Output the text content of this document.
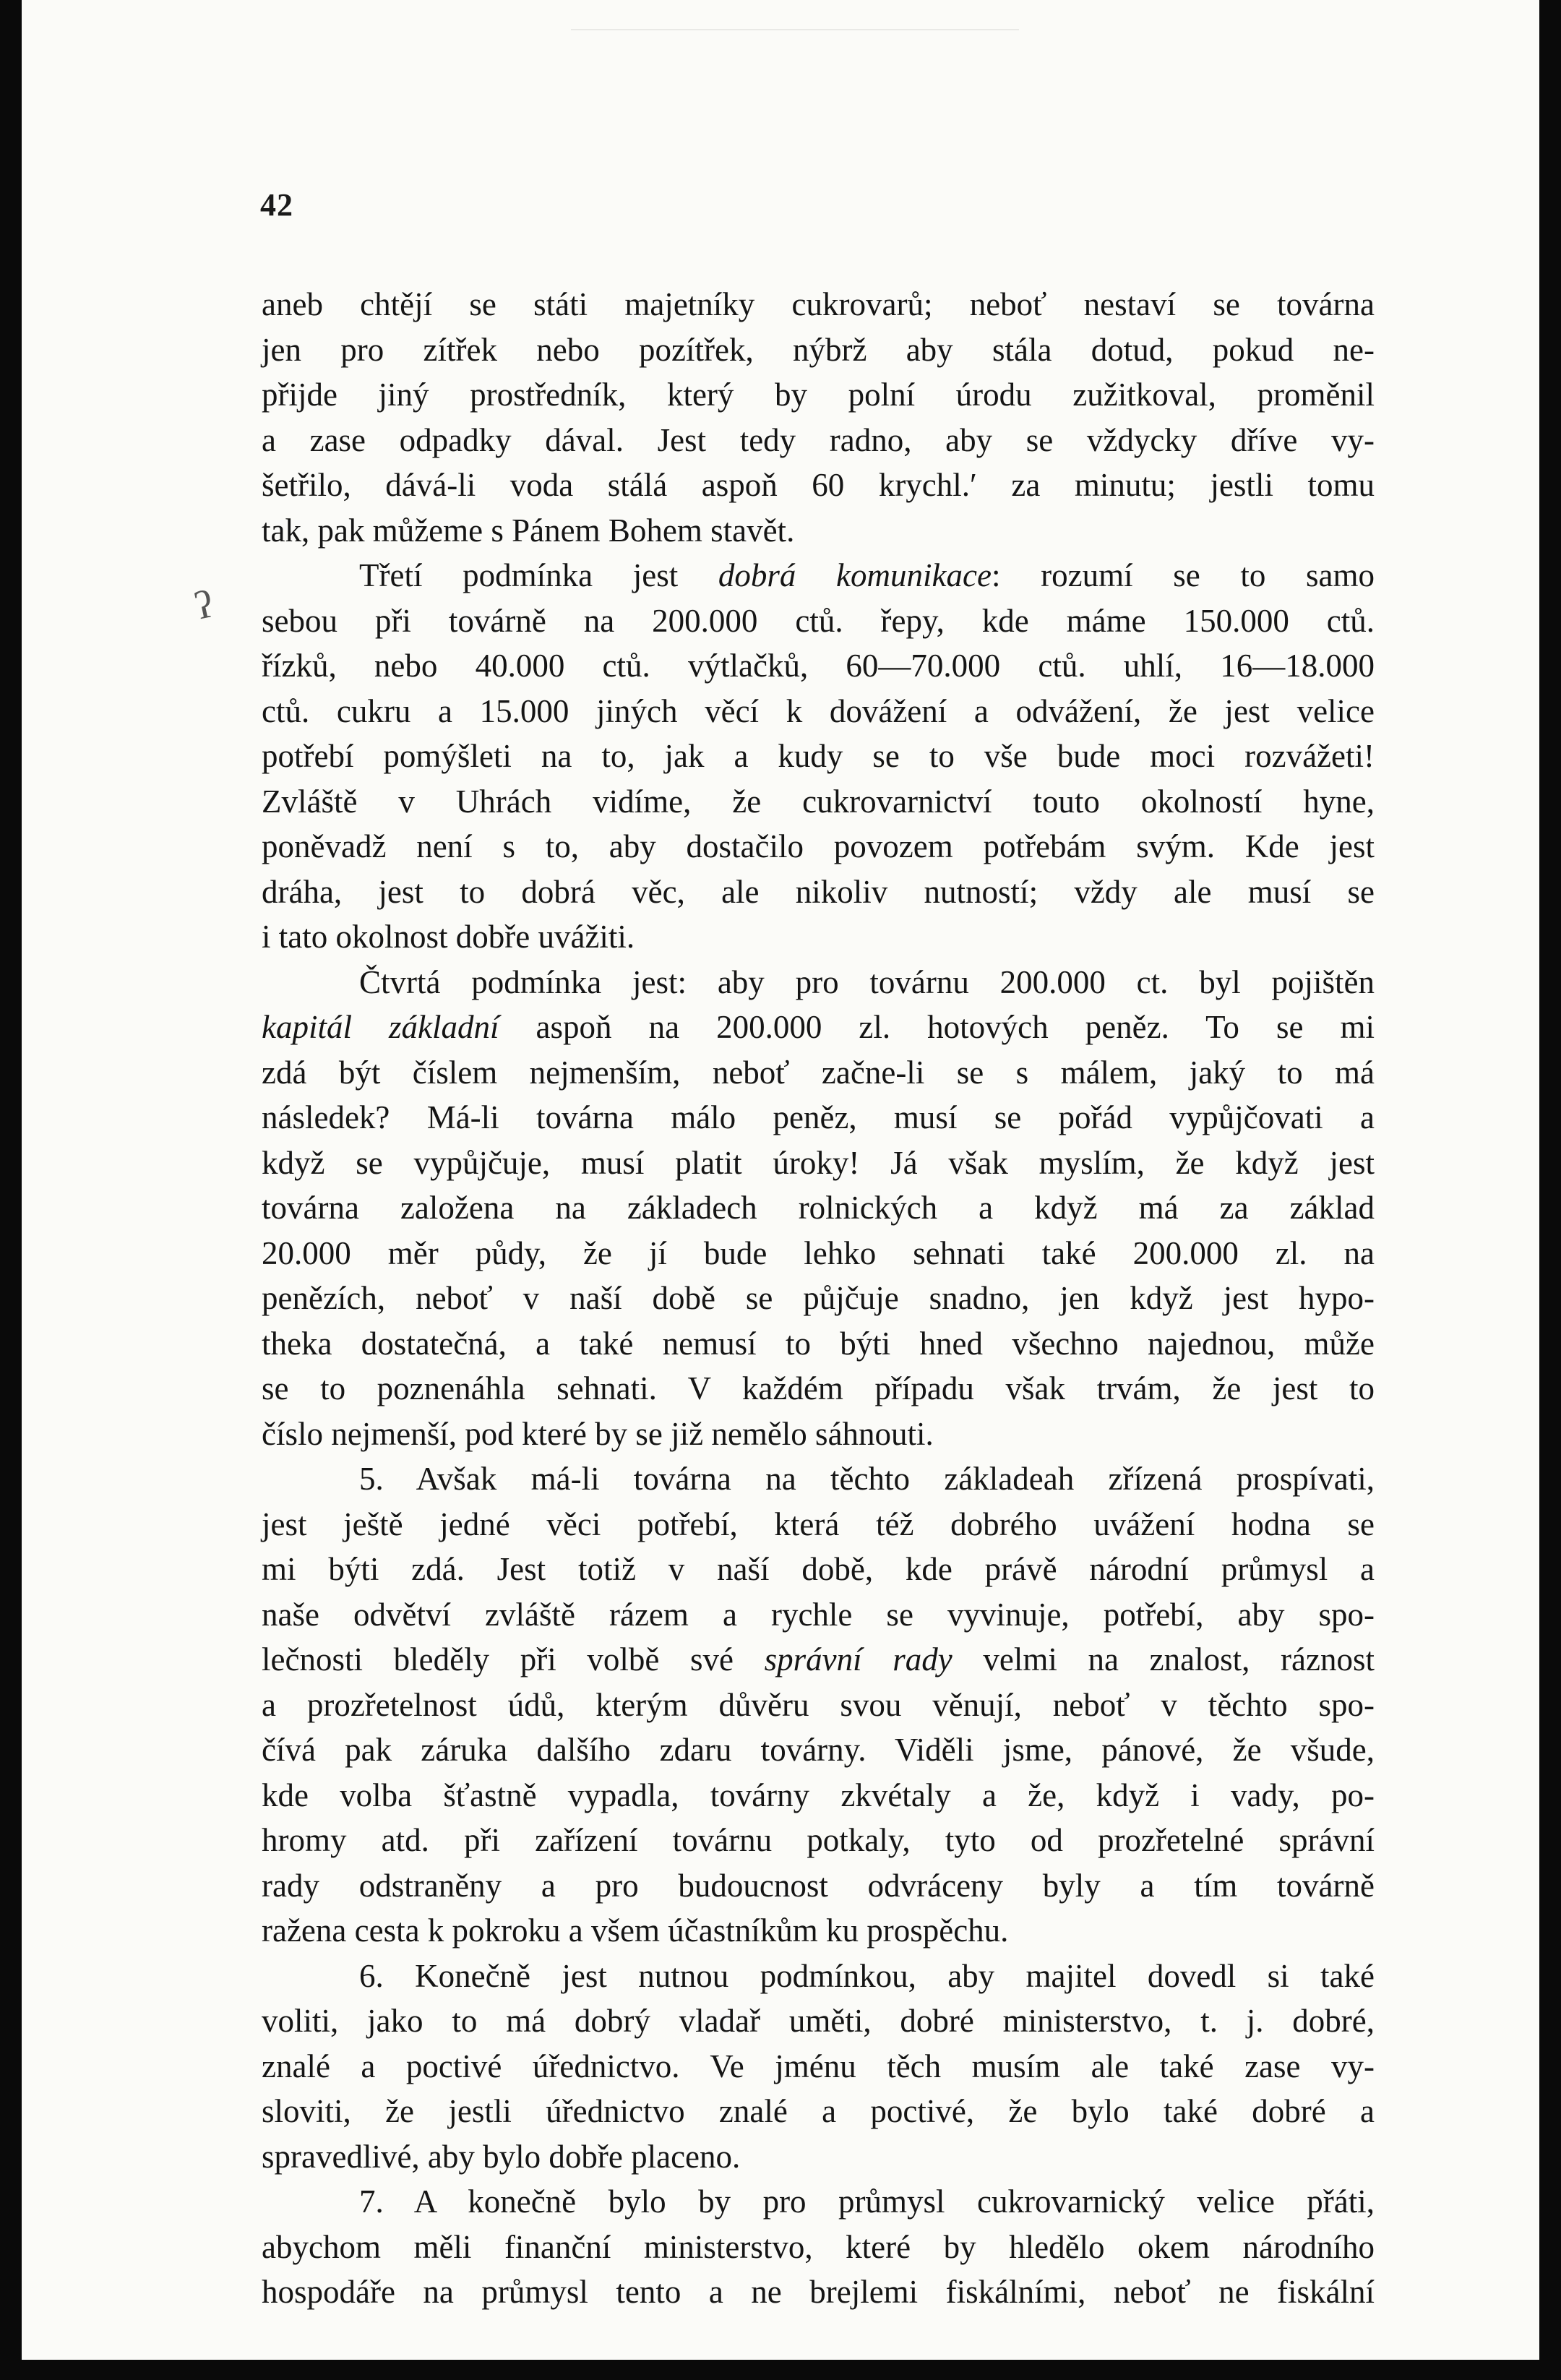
42
ʔ
aneb chtějí se státi majetníky cukrovarů; neboť nestaví se továrna
jen pro zítřek nebo pozítřek, nýbrž aby stála dotud, pokud ne-
přijde jiný prostředník, který by polní úrodu zužitkoval, proměnil
a zase odpadky dával. Jest tedy radno, aby se vždycky dříve vy-
šetřilo, dává-li voda stálá aspoň 60 krychl.′ za minutu; jestli tomu
tak, pak můžeme s Pánem Bohem stavět.
Třetí podmínka jest dobrá komunikace: rozumí se to samo
sebou při továrně na 200.000 ctů. řepy, kde máme 150.000 ctů.
řízků, nebo 40.000 ctů. výtlačků, 60—70.000 ctů. uhlí, 16—18.000
ctů. cukru a 15.000 jiných věcí k dovážení a odvážení, že jest velice
potřebí pomýšleti na to, jak a kudy se to vše bude moci rozvážeti!
Zvláště v Uhrách vidíme, že cukrovarnictví touto okolností hyne,
poněvadž není s to, aby dostačilo povozem potřebám svým. Kde jest
dráha, jest to dobrá věc, ale nikoliv nutností; vždy ale musí se
i tato okolnost dobře uvážiti.
Čtvrtá podmínka jest: aby pro továrnu 200.000 ct. byl pojištěn
kapitál základní aspoň na 200.000 zl. hotových peněz. To se mi
zdá být číslem nejmenším, neboť začne-li se s málem, jaký to má
následek? Má-li továrna málo peněz, musí se pořád vypůjčovati a
když se vypůjčuje, musí platit úroky! Já však myslím, že když jest
továrna založena na základech rolnických a když má za základ
20.000 měr půdy, že jí bude lehko sehnati také 200.000 zl. na
penězích, neboť v naší době se půjčuje snadno, jen když jest hypo-
theka dostatečná, a také nemusí to býti hned všechno najednou, může
se to poznenáhla sehnati. V každém případu však trvám, že jest to
číslo nejmenší, pod které by se již nemělo sáhnouti.
5. Avšak má-li továrna na těchto základeah zřízená prospívati,
jest ještě jedné věci potřebí, která též dobrého uvážení hodna se
mi býti zdá. Jest totiž v naší době, kde právě národní průmysl a
naše odvětví zvláště rázem a rychle se vyvinuje, potřebí, aby spo-
lečnosti bleděly při volbě své správní rady velmi na znalost, ráznost
a prozřetelnost údů, kterým důvěru svou věnují, neboť v těchto spo-
čívá pak záruka dalšího zdaru továrny. Viděli jsme, pánové, že všude,
kde volba šťastně vypadla, továrny zkvétaly a že, když i vady, po-
hromy atd. při zařízení továrnu potkaly, tyto od prozřetelné správní
rady odstraněny a pro budoucnost odvráceny byly a tím továrně
ražena cesta k pokroku a všem účastníkům ku prospěchu.
6. Konečně jest nutnou podmínkou, aby majitel dovedl si také
voliti, jako to má dobrý vladař uměti, dobré ministerstvo, t. j. dobré,
znalé a poctivé úřednictvo. Ve jménu těch musím ale také zase vy-
sloviti, že jestli úřednictvo znalé a poctivé, že bylo také dobré a
spravedlivé, aby bylo dobře placeno.
7. A konečně bylo by pro průmysl cukrovarnický velice přáti,
abychom měli finanční ministerstvo, které by hledělo okem národního
hospodáře na průmysl tento a ne brejlemi fiskálními, neboť ne fiskální
